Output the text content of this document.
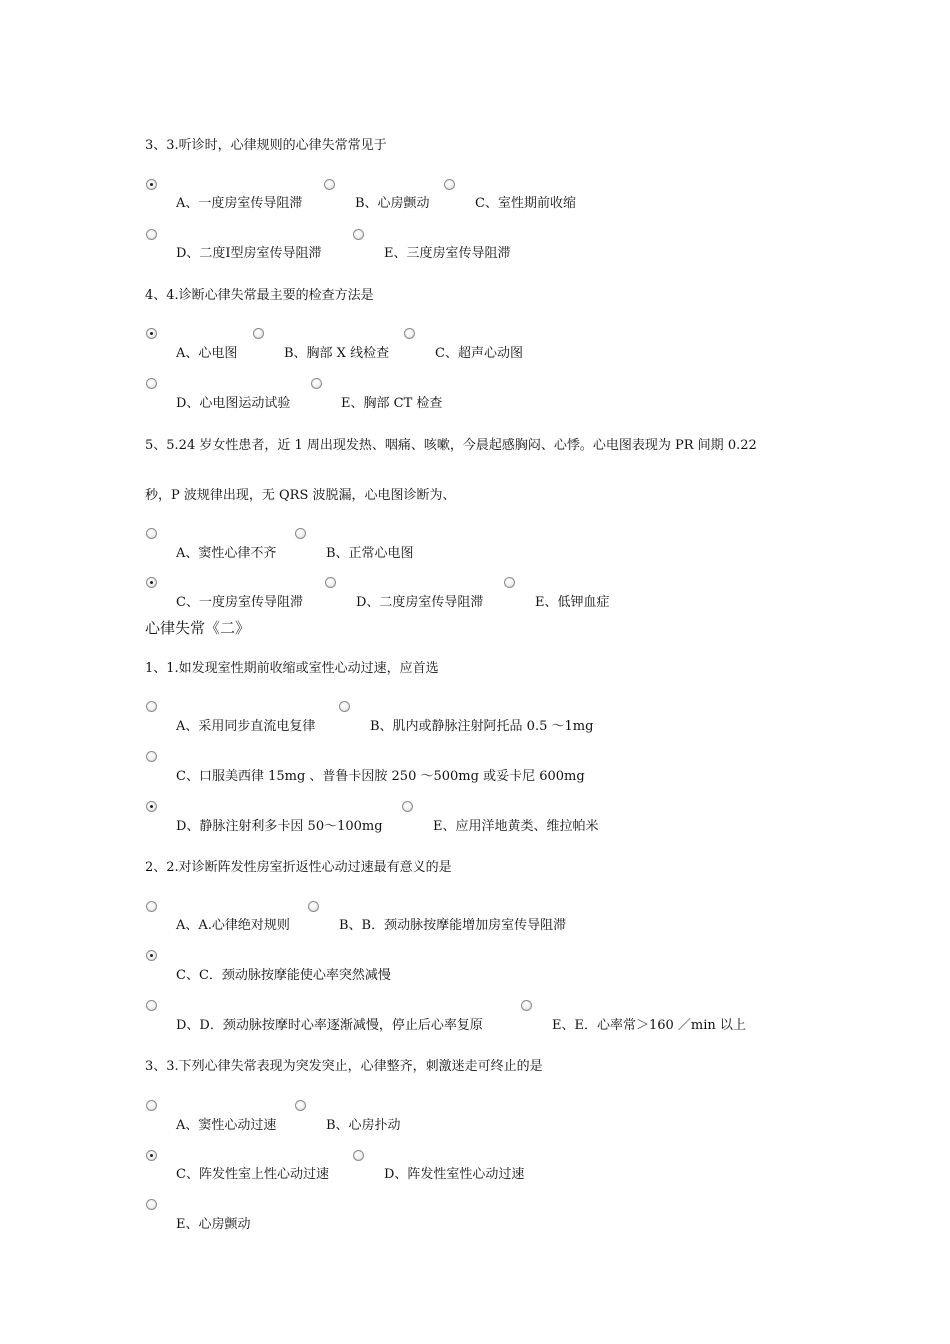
3、3.听诊时，心律规则的心律失常常见于
A、一度房室传导阻滞	B、心房颤动	C、室性期前收缩
D、二度Ⅰ型房室传导阻滞	E、三度房室传导阻滞
4、4.诊断心律失常最主要的检查方法是
A、心电图	B、胸部 X 线检查	C、超声心动图
D、心电图运动试验	E、胸部 CT 检查
5、5.24 岁女性患者，近 1 周出现发热、咽痛、咳嗽，今晨起感胸闷、心悸。心电图表现为 PR 间期 0.22
秒，P 波规律出现，无 QRS 波脱漏，心电图诊断为、
A、窦性心律不齐	B、正常心电图
C、一度房室传导阻滞	D、二度房室传导阻滞	E、低钾血症
心律失常《二》
1、1.如发现室性期前收缩或室性心动过速，应首选
A、采用同步直流电复律	B、肌内或静脉注射阿托品 0.5 ～1mg
C、口服美西律 15mg 、普鲁卡因胺 250 ～500mg 或妥卡尼 600mg
D、静脉注射利多卡因 50～100mg	E、应用洋地黄类、维拉帕米
2、2.对诊断阵发性房室折返性心动过速最有意义的是
A、A.心律绝对规则	B、B．颈动脉按摩能增加房室传导阻滞
C、C．颈动脉按摩能使心率突然减慢
D、D．颈动脉按摩时心率逐渐减慢，停止后心率复原	E、E．心率常＞160 ／min 以上
3、3.下列心律失常表现为突发突止，心律整齐，刺激迷走可终止的是
A、窦性心动过速	B、心房扑动
C、阵发性室上性心动过速	D、阵发性室性心动过速
E、心房颤动
